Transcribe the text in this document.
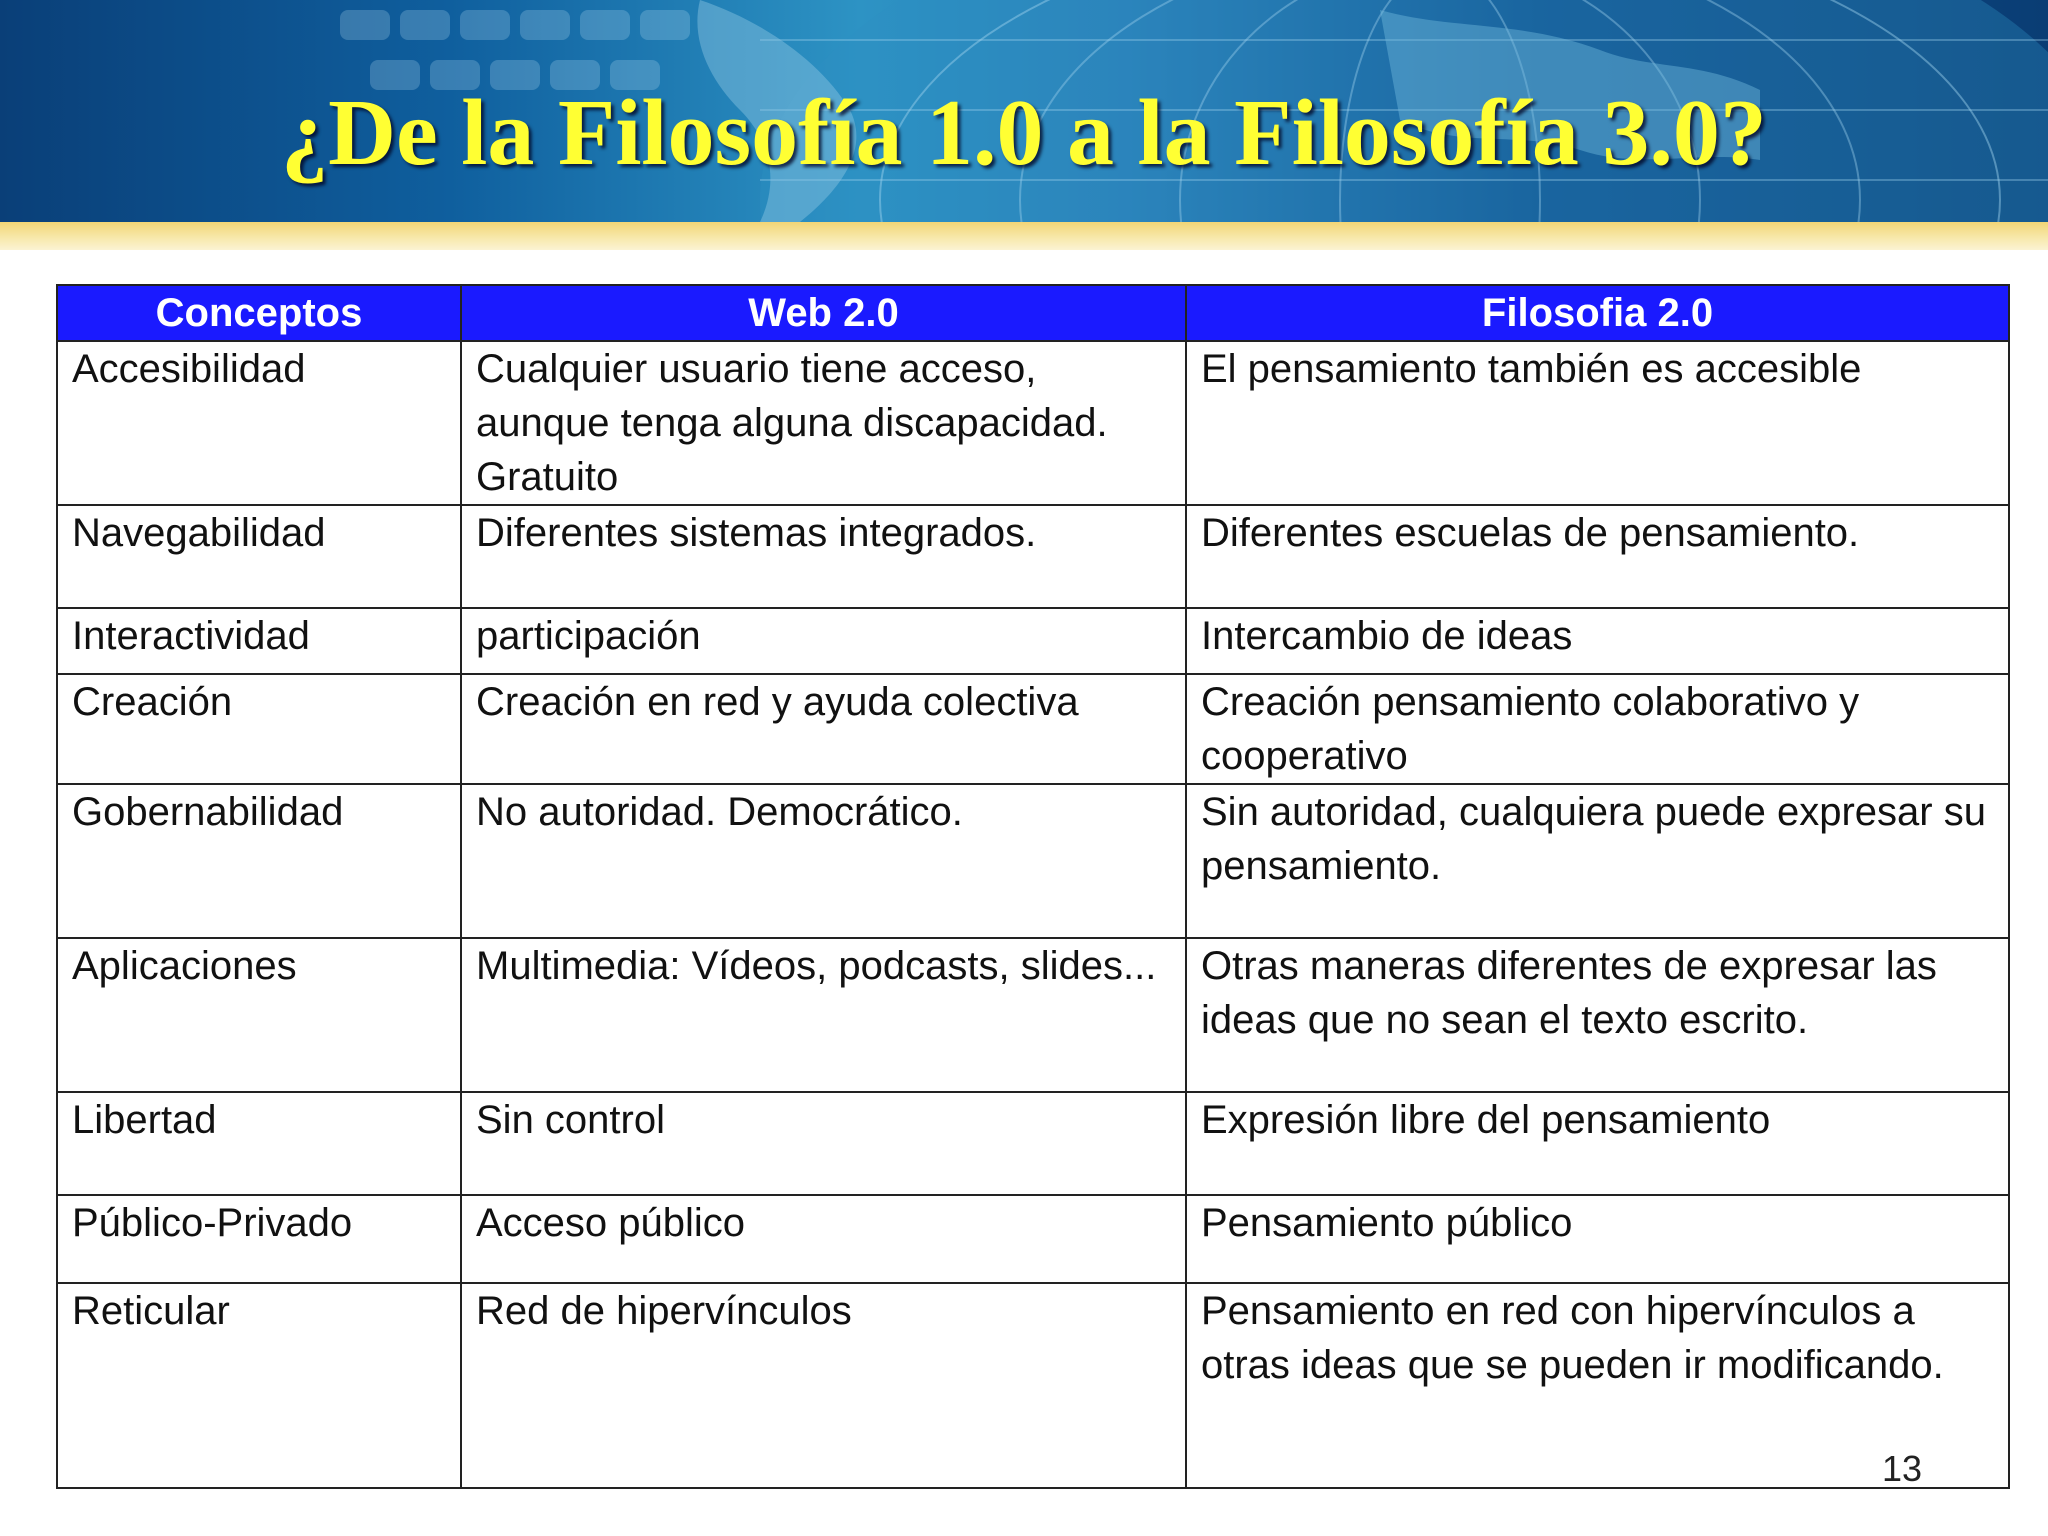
¿De la Filosofía 1.0 a la Filosofía 3.0?
Conceptos	Web 2.0	Filosofia 2.0
Accesibilidad	Cualquier usuario tiene acceso, aunque tenga alguna discapacidad. Gratuito	El pensamiento también es accesible
Navegabilidad	Diferentes sistemas integrados.	Diferentes escuelas de pensamiento.
Interactividad	participación	Intercambio de ideas
Creación	Creación en red y ayuda colectiva	Creación pensamiento colaborativo y cooperativo
Gobernabilidad	No autoridad. Democrático.	Sin autoridad, cualquiera puede expresar su pensamiento.
Aplicaciones	Multimedia: Vídeos, podcasts, slides...	Otras maneras diferentes de expresar las ideas que no sean el texto escrito.
Libertad	Sin control	Expresión libre del pensamiento
Público-Privado	Acceso público	Pensamiento público
Reticular	Red de hipervínculos	Pensamiento en red con hipervínculos a otras ideas que se pueden ir modificando.
13
